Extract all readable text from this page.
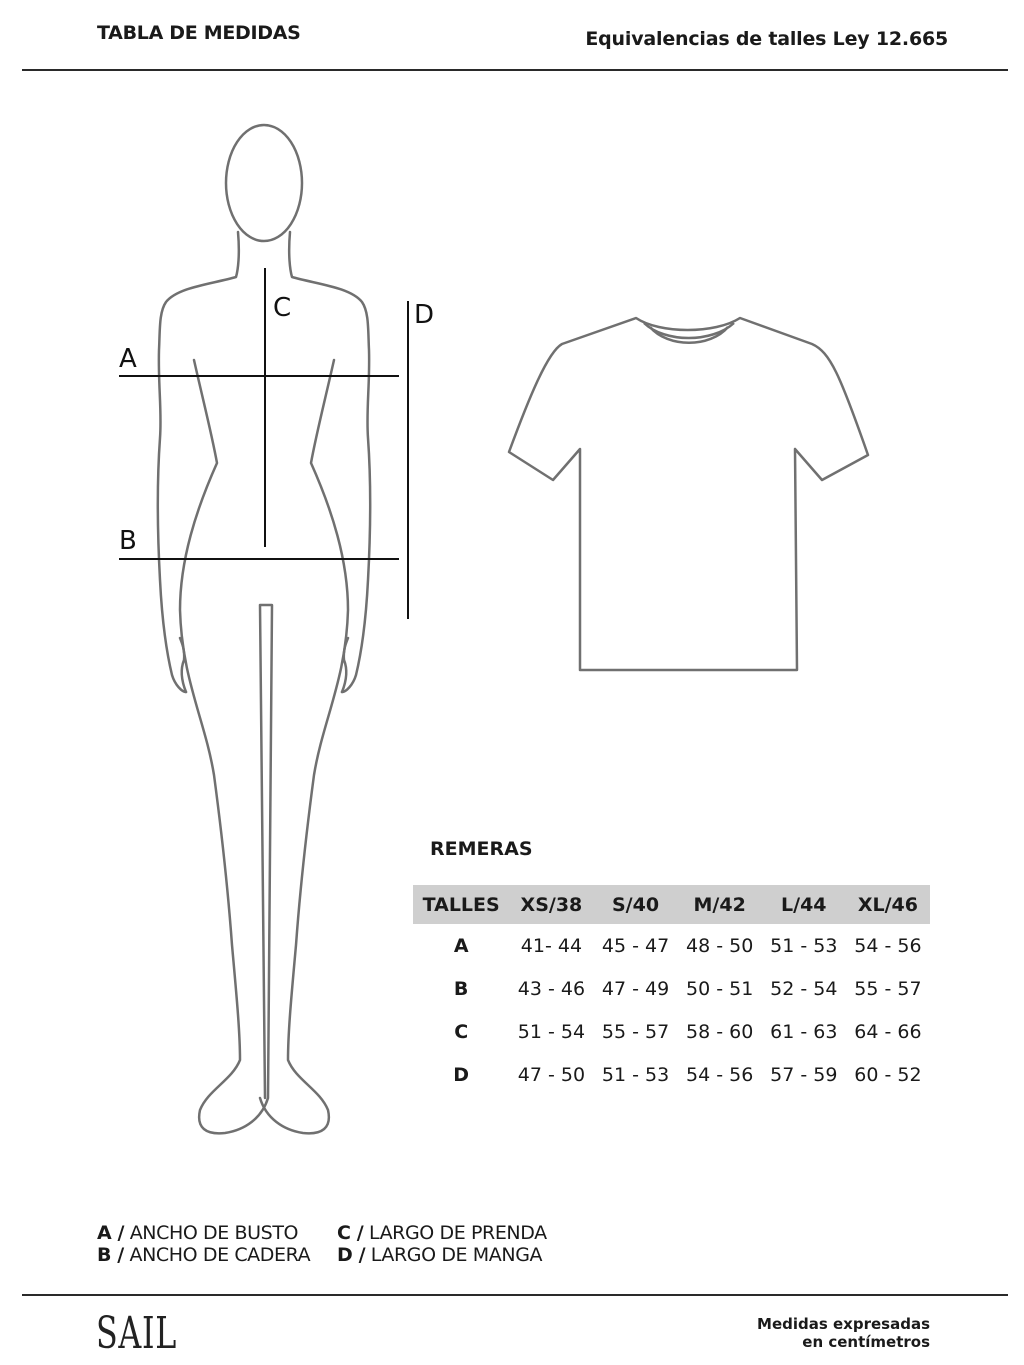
TABLA DE MEDIDAS	Equivalencias de talles Ley 12.665
A
B
C	D
REMERAS
TALLES	XS/38	S/40	M/42	L/44	XL/46
A	41- 44	45 - 47	48 - 50	51 - 53	54 - 56
B	43 - 46	47 - 49	50 - 51	52 - 54	55 - 57
C	51 - 54	55 - 57	58 - 60	61 - 63	64 - 66
D	47 - 50	51 - 53	54 - 56	57 - 59	60 - 52
A / ANCHO DE BUSTO C / LARGO DE PRENDA
B / ANCHO DE CADERA D / LARGO DE MANGA
SAIL	Medidas expresadas
en centímetros
